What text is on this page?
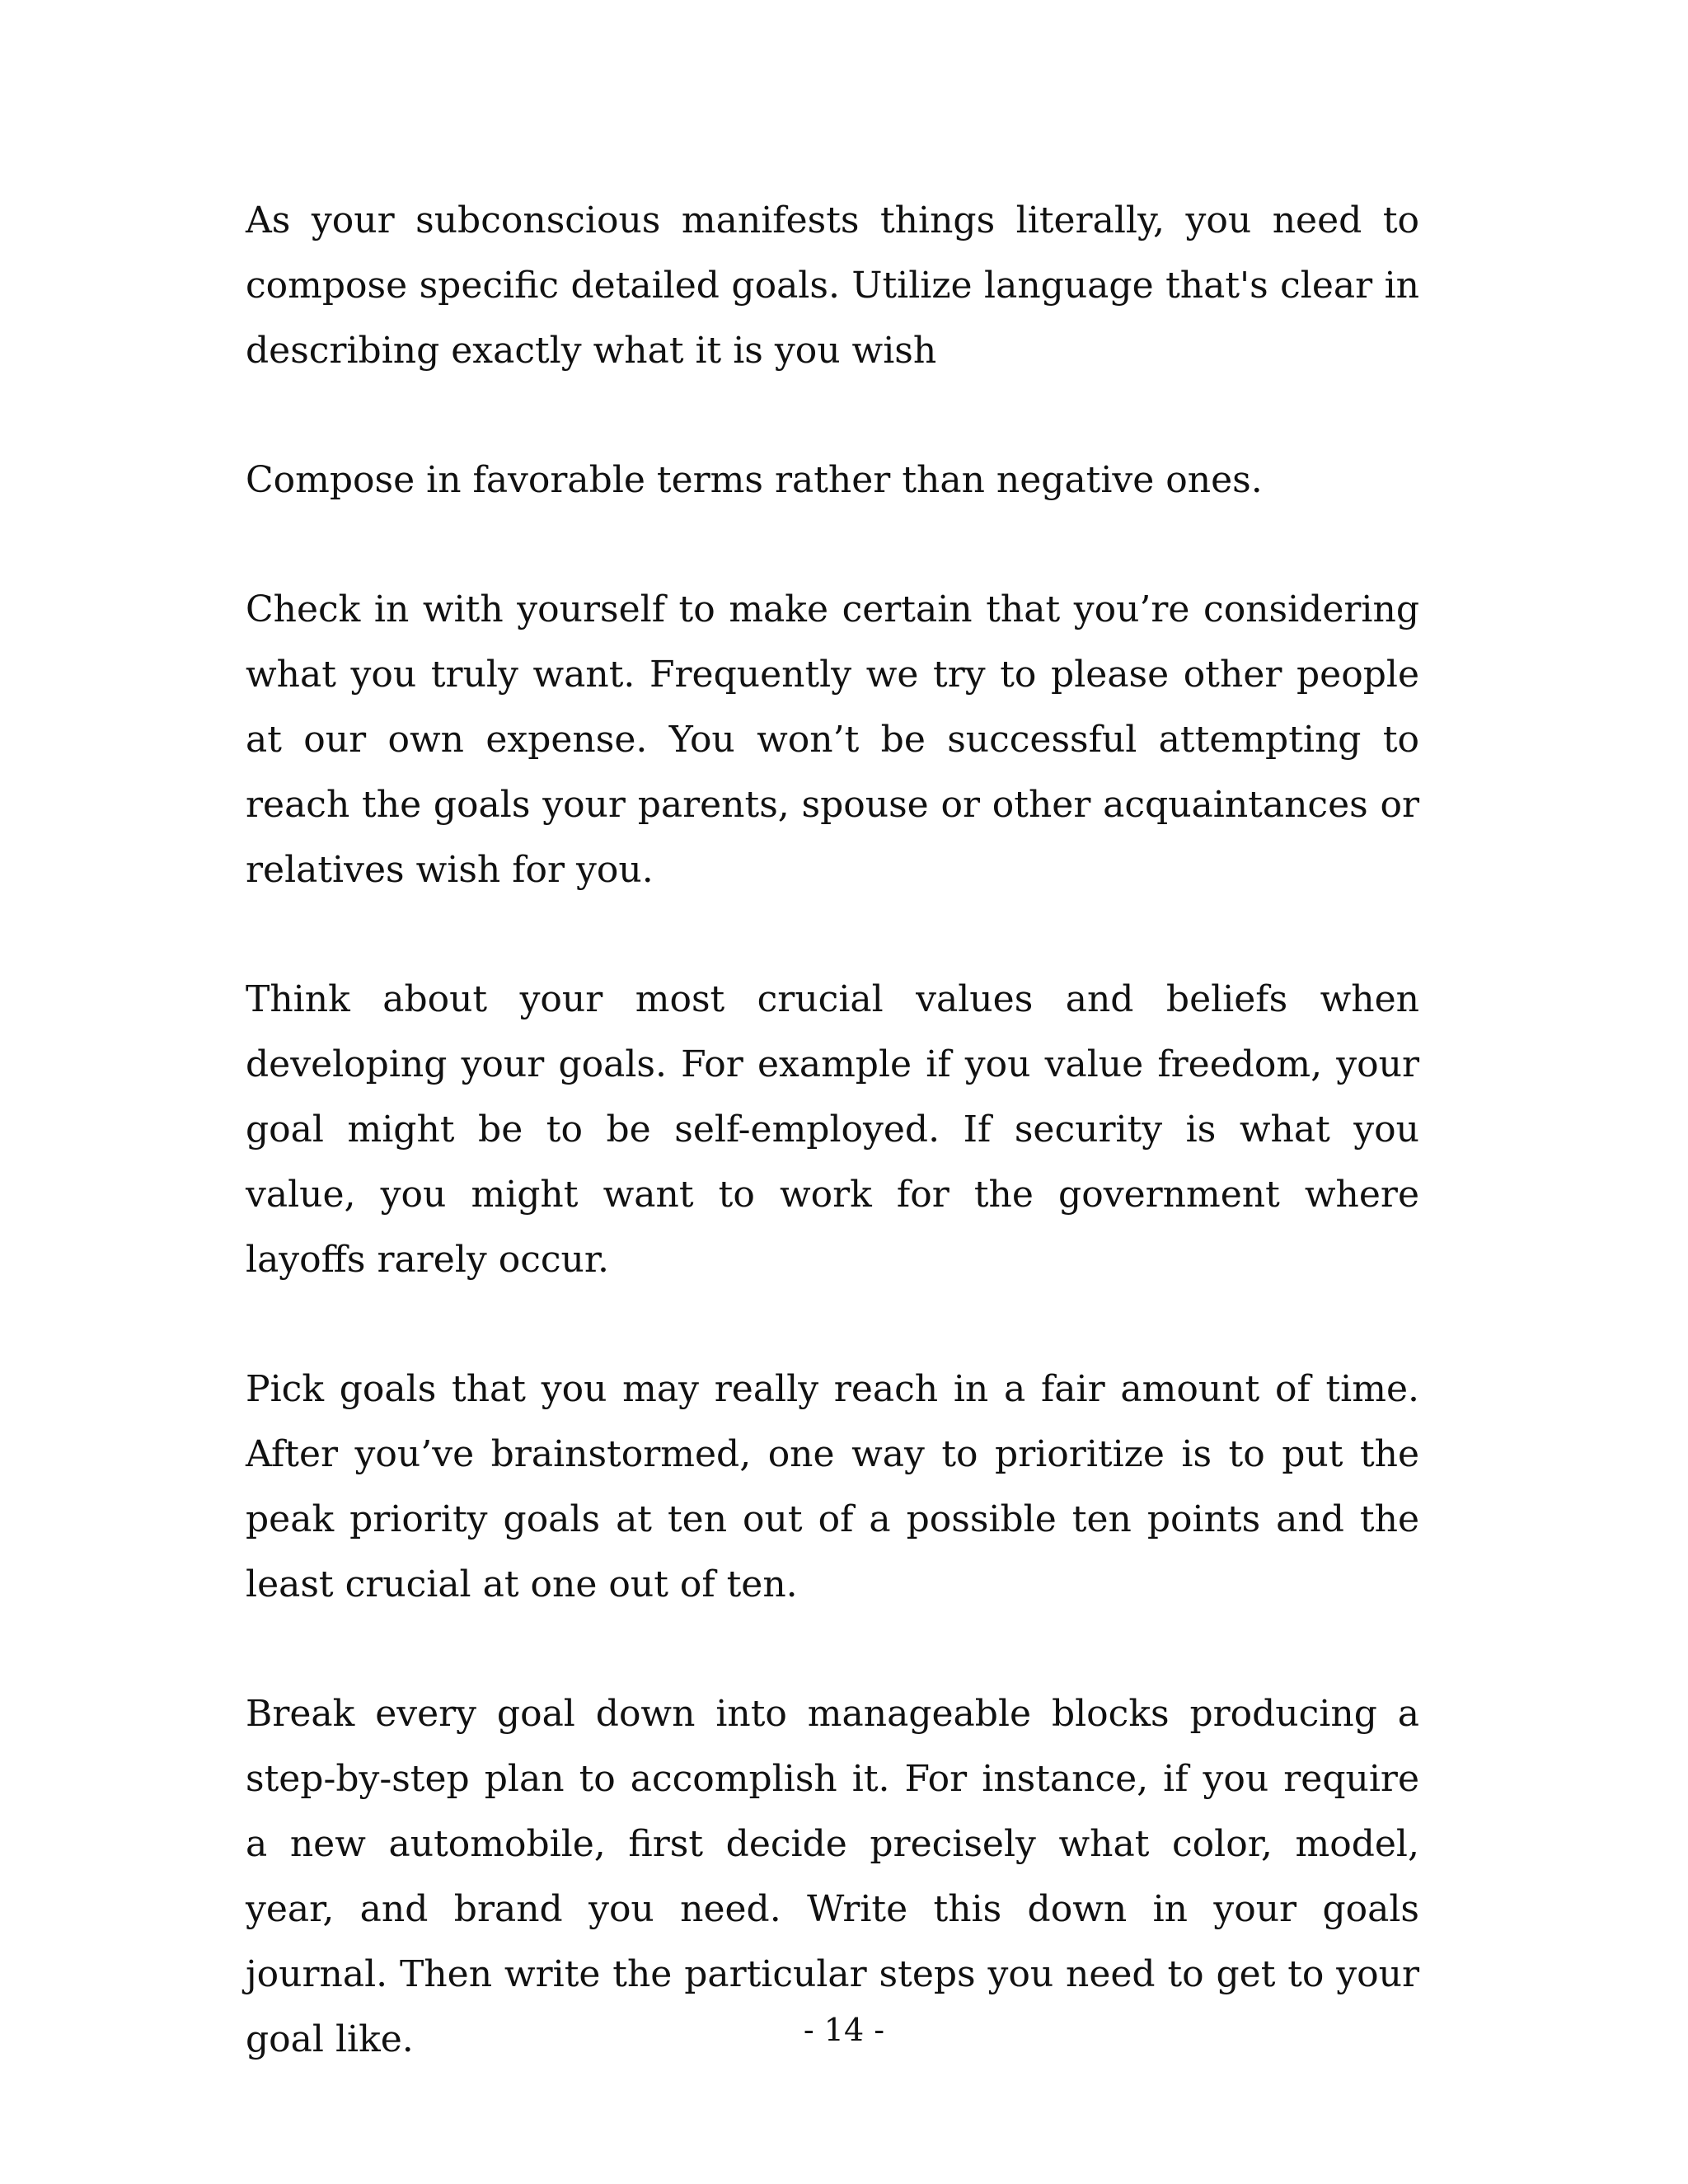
As your subconscious manifests things literally, you need to compose specific detailed goals. Utilize language that's clear in describing exactly what it is you wish

Compose in favorable terms rather than negative ones.

Check in with yourself to make certain that you’re considering what you truly want. Frequently we try to please other people at our own expense. You won’t be successful attempting to reach the goals your parents, spouse or other acquaintances or relatives wish for you.

Think about your most crucial values and beliefs when developing your goals. For example if you value freedom, your goal might be to be self-employed. If security is what you value, you might want to work for the government where layoffs rarely occur.

Pick goals that you may really reach in a fair amount of time. After you’ve brainstormed, one way to prioritize is to put the peak priority goals at ten out of a possible ten points and the least crucial at one out of ten.

Break every goal down into manageable blocks producing a step-by-step plan to accomplish it. For instance, if you require a new automobile, first decide precisely what color, model, year, and brand you need. Write this down in your goals journal. Then write the particular steps you need to get to your goal like.	- 14 -
